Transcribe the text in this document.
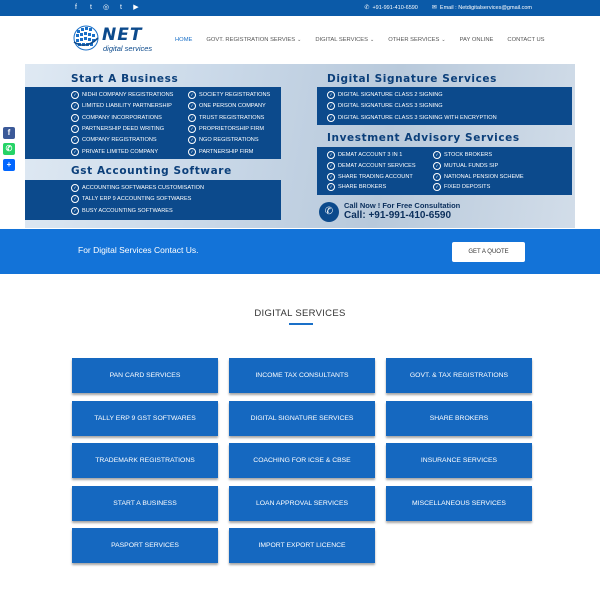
f	t	◎	t	▶	✆ +91-991-410-6590 ✉ Email : Netdigitalservices@gmail.com
NET
digital services
HOME	GOVT. REGISTRATION SERVIES ⌄	DIGITAL SERVICES ⌄	OTHER SERVICES ⌄	PAY ONLINE	CONTACT US
f
✆
+
Start A Business
✓ NIDHI COMPANY REGISTRATIONS
✓ LIMITED LIABILITY PARTNERSHIP
✓ COMPANY INCORPORATIONS
✓ PARTNERSHIP DEED WRITING
✓ COMPANY REGISTRATIONS
✓ PRIVATE LIMITED COMPANY
✓ SOCIETY REGISTRATIONS
✓ ONE PERSON COMPANY
✓ TRUST REGISTRATIONS
✓ PROPRIETORSHIP FIRM
✓ NGO REGISTRATIONS
✓ PARTNERSHIP FIRM
Gst Accounting Software
✓ ACCOUNTING SOFTWARES CUSTOMISATION
✓ TALLY ERP 9 ACCOUNTING SOFTWARES
✓ BUSY ACCOUNTING SOFTWARES
Digital Signature Services
✓ DIGITAL SIGNATURE CLASS 2 SIGNING
✓ DIGITAL SIGNATURE CLASS 3 SIGNING
✓ DIGITAL SIGNATURE CLASS 3 SIGNING WITH ENCRYPTION
Investment Advisory Services
✓ DEMAT ACCOUNT 3 IN 1
✓ DEMAT ACCOUNT SERVICES
✓ SHARE TRADING ACCOUNT
✓ SHARE BROKERS
✓ STOCK BROKERS
✓ MUTUAL FUNDS SIP
✓ NATIONAL PENSION SCHEME
✓ FIXED DEPOSITS
✆
Call Now ! For Free Consultation
Call: +91-991-410-6590
For Digital Services Contact Us.	GET A QUOTE
DIGITAL SERVICES
PAN CARD SERVICES	INCOME TAX CONSULTANTS	GOVT. & TAX REGISTRATIONS
TALLY ERP 9 GST SOFTWARES	DIGITAL SIGNATURE SERVICES	SHARE BROKERS
TRADEMARK REGISTRATIONS	COACHING FOR ICSE & CBSE	INSURANCE SERVICES
START A BUSINESS	LOAN APPROVAL SERVICES	MISCELLANEOUS SERVICES
PASPORT SERVICES	IMPORT EXPORT LICENCE
